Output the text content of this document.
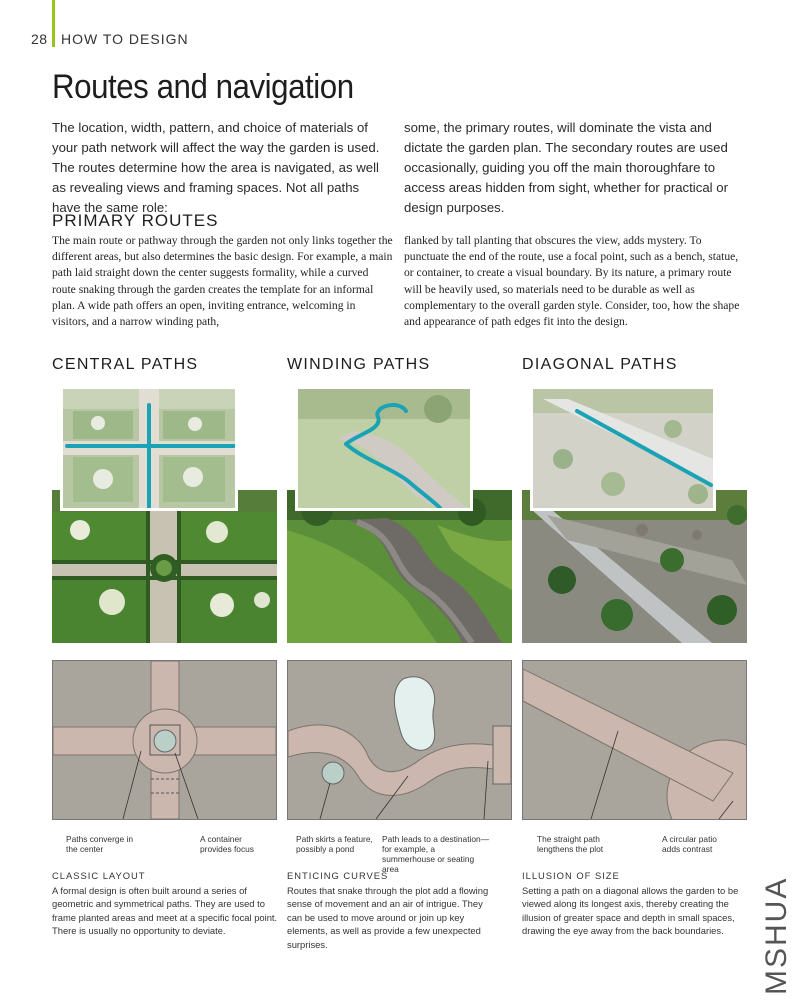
28 HOW TO DESIGN
Routes and navigation

The location, width, pattern, and choice of materials of your path network will affect the way the garden is used. The routes determine how the area is navigated, as well as revealing views and framing spaces. Not all paths have the same role:

some, the primary routes, will dominate the vista and dictate the garden plan. The secondary routes are used occasionally, guiding you off the main thoroughfare to access areas hidden from sight, whether for practical or design purposes.

PRIMARY ROUTES

The main route or pathway through the garden not only links together the different areas, but also determines the basic design. For example, a main path laid straight down the center suggests formality, while a curved route snaking through the garden creates the template for an informal plan. A wide path offers an open, inviting entrance, welcoming in visitors, and a narrow winding path,

flanked by tall planting that obscures the view, adds mystery. To punctuate the end of the route, use a focal point, such as a bench, statue, or container, to create a visual boundary. By its nature, a primary route will be heavily used, so materials need to be durable as well as complementary to the overall garden style. Consider, too, how the shape and appearance of path edges fit into the design.

CENTRAL PATHS	WINDING PATHS	DIAGONAL PATHS
Paths converge in the center
A container provides focus
Path skirts a feature, possibly a pond
Path leads to a destination— for example, a summerhouse or seating area
The straight path lengthens the plot
A circular patio adds contrast
CLASSIC LAYOUT
A formal design is often built around a series of geometric and symmetrical paths. They are used to frame planted areas and meet at a specific focal point. There is usually no opportunity to deviate.
ENTICING CURVES
Routes that snake through the plot add a flowing sense of movement and an air of intrigue. They can be used to move around or join up key elements, as well as provide a few unexpected surprises.
ILLUSION OF SIZE
Setting a path on a diagonal allows the garden to be viewed along its longest axis, thereby creating the illusion of greater space and depth in small spaces, drawing the eye away from the back boundaries.	MSHUA
